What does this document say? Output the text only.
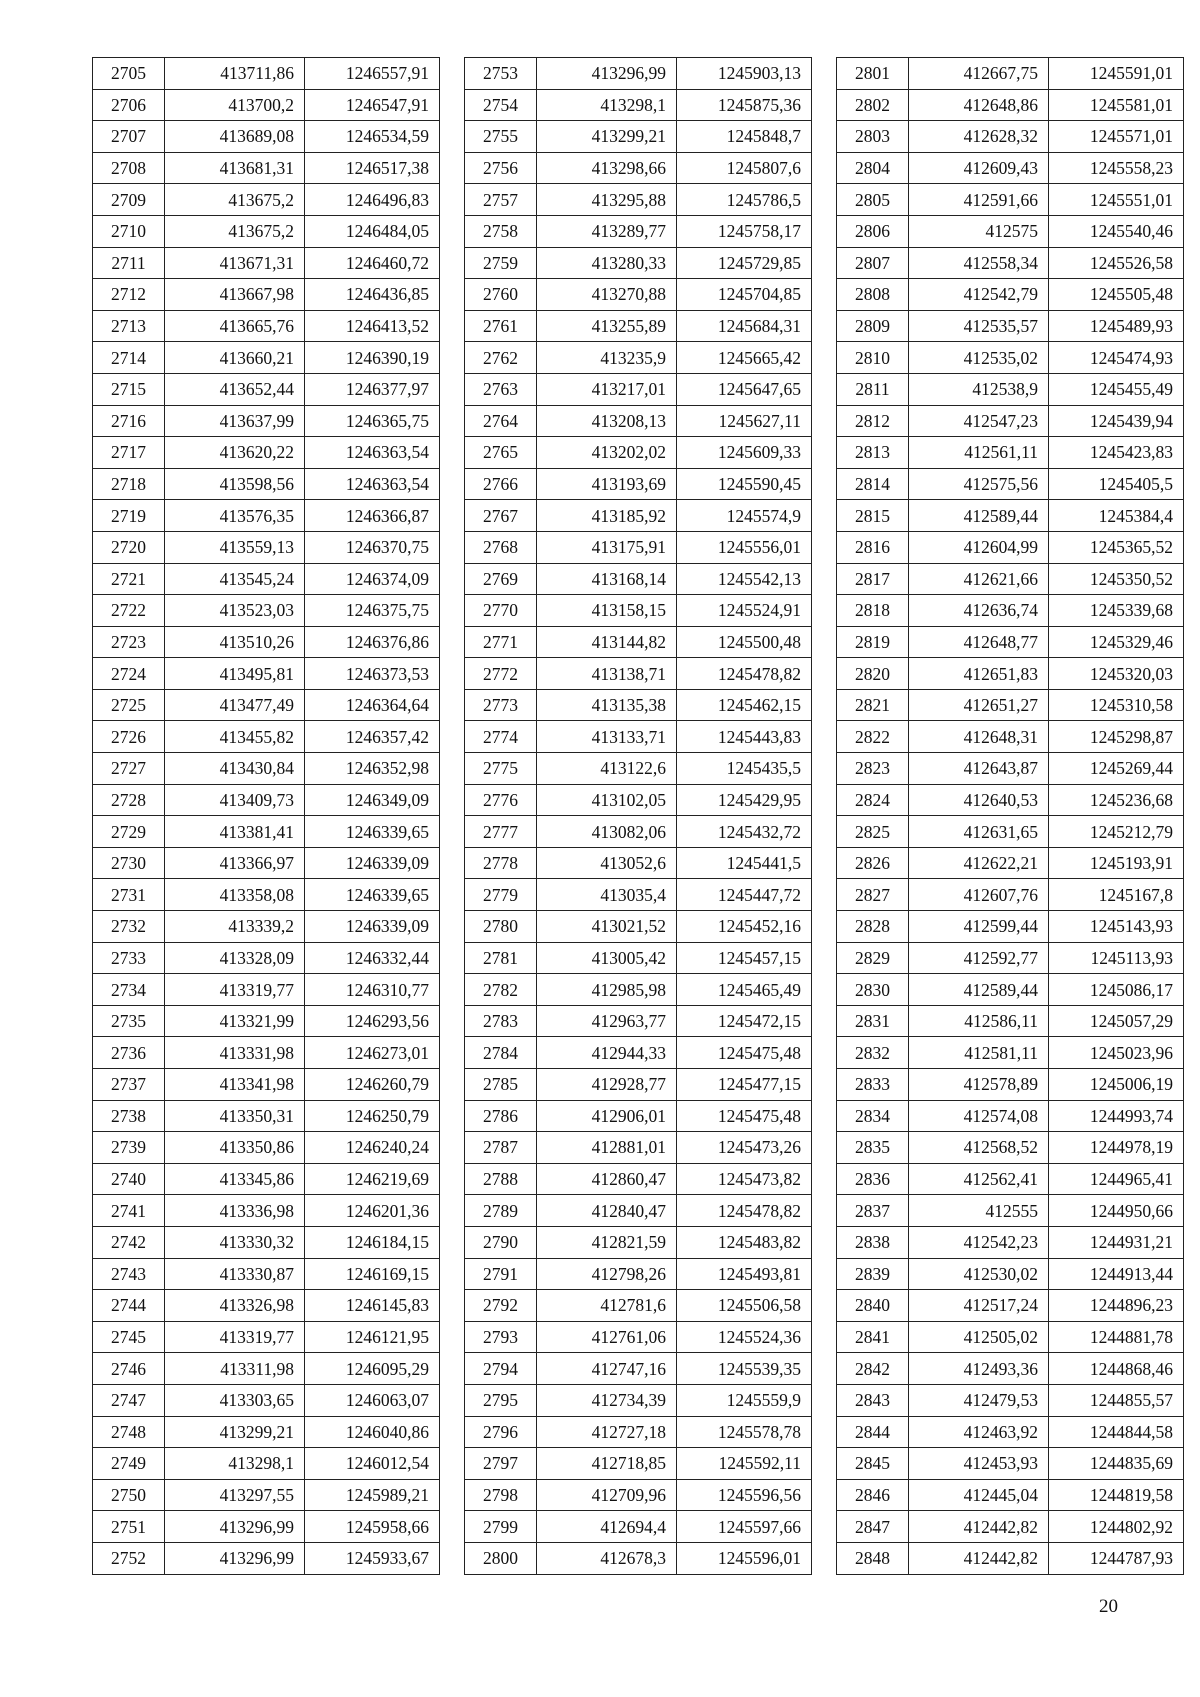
2705	413711,86	1246557,91
2706	413700,2	1246547,91
2707	413689,08	1246534,59
2708	413681,31	1246517,38
2709	413675,2	1246496,83
2710	413675,2	1246484,05
2711	413671,31	1246460,72
2712	413667,98	1246436,85
2713	413665,76	1246413,52
2714	413660,21	1246390,19
2715	413652,44	1246377,97
2716	413637,99	1246365,75
2717	413620,22	1246363,54
2718	413598,56	1246363,54
2719	413576,35	1246366,87
2720	413559,13	1246370,75
2721	413545,24	1246374,09
2722	413523,03	1246375,75
2723	413510,26	1246376,86
2724	413495,81	1246373,53
2725	413477,49	1246364,64
2726	413455,82	1246357,42
2727	413430,84	1246352,98
2728	413409,73	1246349,09
2729	413381,41	1246339,65
2730	413366,97	1246339,09
2731	413358,08	1246339,65
2732	413339,2	1246339,09
2733	413328,09	1246332,44
2734	413319,77	1246310,77
2735	413321,99	1246293,56
2736	413331,98	1246273,01
2737	413341,98	1246260,79
2738	413350,31	1246250,79
2739	413350,86	1246240,24
2740	413345,86	1246219,69
2741	413336,98	1246201,36
2742	413330,32	1246184,15
2743	413330,87	1246169,15
2744	413326,98	1246145,83
2745	413319,77	1246121,95
2746	413311,98	1246095,29
2747	413303,65	1246063,07
2748	413299,21	1246040,86
2749	413298,1	1246012,54
2750	413297,55	1245989,21
2751	413296,99	1245958,66
2752	413296,99	1245933,67
2753	413296,99	1245903,13
2754	413298,1	1245875,36
2755	413299,21	1245848,7
2756	413298,66	1245807,6
2757	413295,88	1245786,5
2758	413289,77	1245758,17
2759	413280,33	1245729,85
2760	413270,88	1245704,85
2761	413255,89	1245684,31
2762	413235,9	1245665,42
2763	413217,01	1245647,65
2764	413208,13	1245627,11
2765	413202,02	1245609,33
2766	413193,69	1245590,45
2767	413185,92	1245574,9
2768	413175,91	1245556,01
2769	413168,14	1245542,13
2770	413158,15	1245524,91
2771	413144,82	1245500,48
2772	413138,71	1245478,82
2773	413135,38	1245462,15
2774	413133,71	1245443,83
2775	413122,6	1245435,5
2776	413102,05	1245429,95
2777	413082,06	1245432,72
2778	413052,6	1245441,5
2779	413035,4	1245447,72
2780	413021,52	1245452,16
2781	413005,42	1245457,15
2782	412985,98	1245465,49
2783	412963,77	1245472,15
2784	412944,33	1245475,48
2785	412928,77	1245477,15
2786	412906,01	1245475,48
2787	412881,01	1245473,26
2788	412860,47	1245473,82
2789	412840,47	1245478,82
2790	412821,59	1245483,82
2791	412798,26	1245493,81
2792	412781,6	1245506,58
2793	412761,06	1245524,36
2794	412747,16	1245539,35
2795	412734,39	1245559,9
2796	412727,18	1245578,78
2797	412718,85	1245592,11
2798	412709,96	1245596,56
2799	412694,4	1245597,66
2800	412678,3	1245596,01
2801	412667,75	1245591,01
2802	412648,86	1245581,01
2803	412628,32	1245571,01
2804	412609,43	1245558,23
2805	412591,66	1245551,01
2806	412575	1245540,46
2807	412558,34	1245526,58
2808	412542,79	1245505,48
2809	412535,57	1245489,93
2810	412535,02	1245474,93
2811	412538,9	1245455,49
2812	412547,23	1245439,94
2813	412561,11	1245423,83
2814	412575,56	1245405,5
2815	412589,44	1245384,4
2816	412604,99	1245365,52
2817	412621,66	1245350,52
2818	412636,74	1245339,68
2819	412648,77	1245329,46
2820	412651,83	1245320,03
2821	412651,27	1245310,58
2822	412648,31	1245298,87
2823	412643,87	1245269,44
2824	412640,53	1245236,68
2825	412631,65	1245212,79
2826	412622,21	1245193,91
2827	412607,76	1245167,8
2828	412599,44	1245143,93
2829	412592,77	1245113,93
2830	412589,44	1245086,17
2831	412586,11	1245057,29
2832	412581,11	1245023,96
2833	412578,89	1245006,19
2834	412574,08	1244993,74
2835	412568,52	1244978,19
2836	412562,41	1244965,41
2837	412555	1244950,66
2838	412542,23	1244931,21
2839	412530,02	1244913,44
2840	412517,24	1244896,23
2841	412505,02	1244881,78
2842	412493,36	1244868,46
2843	412479,53	1244855,57
2844	412463,92	1244844,58
2845	412453,93	1244835,69
2846	412445,04	1244819,58
2847	412442,82	1244802,92
2848	412442,82	1244787,93
20
